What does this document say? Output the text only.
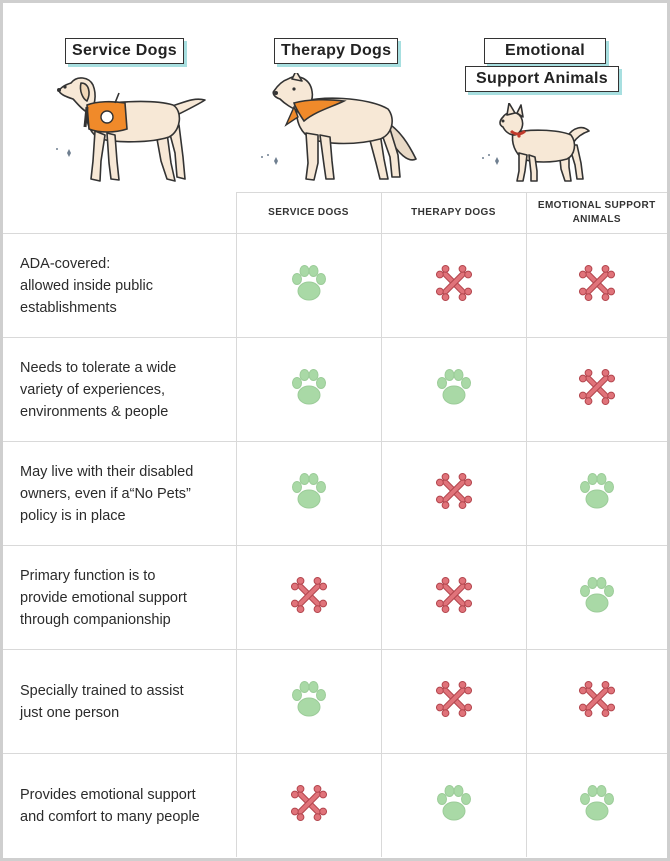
Service Dogs	Therapy Dogs	Emotional
Support Animals
	SERVICE DOGS	THERAPY DOGS	EMOTIONAL SUPPORT ANIMALS

ADA-covered:
allowed inside public
establishments

Needs to tolerate a wide
variety of experiences,
environments & people

May live with their disabled
owners, even if a“No Pets”
policy is in place

Primary function is to
provide emotional support
through companionship

Specially trained to assist
just one person

Provides emotional support
and comfort to many people
